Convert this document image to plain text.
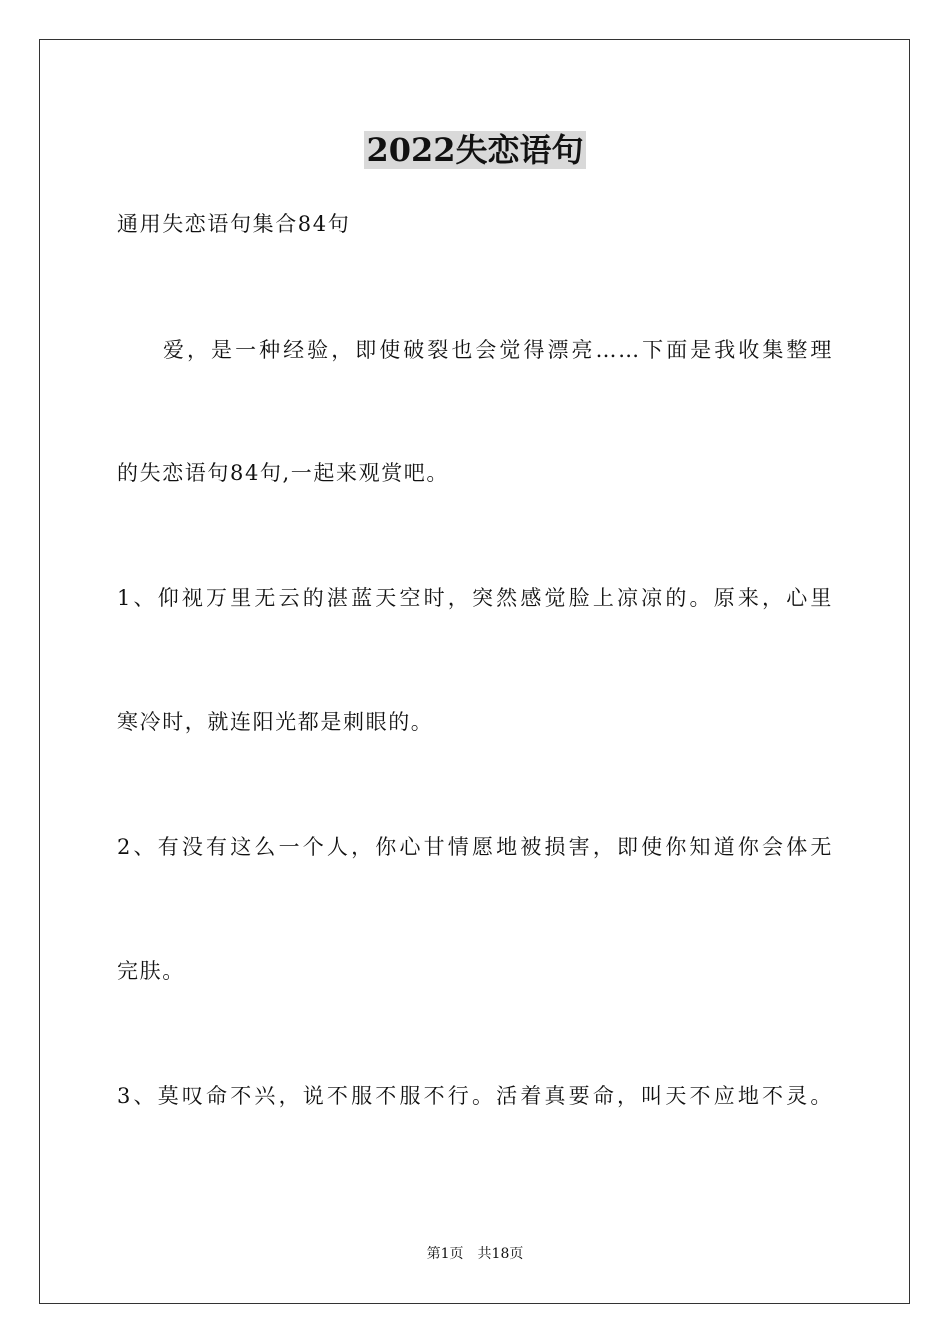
2022失恋语句
通用失恋语句集合84句
爱，是一种经验，即使破裂也会觉得漂亮……下面是我收集整理
的失恋语句84句,一起来观赏吧。
1、仰视万里无云的湛蓝天空时，突然感觉脸上凉凉的。原来，心里
寒冷时，就连阳光都是刺眼的。
2、有没有这么一个人，你心甘情愿地被损害，即使你知道你会体无
完肤。
3、莫叹命不兴，说不服不服不行。活着真要命，叫天不应地不灵。
第1页　共18页
